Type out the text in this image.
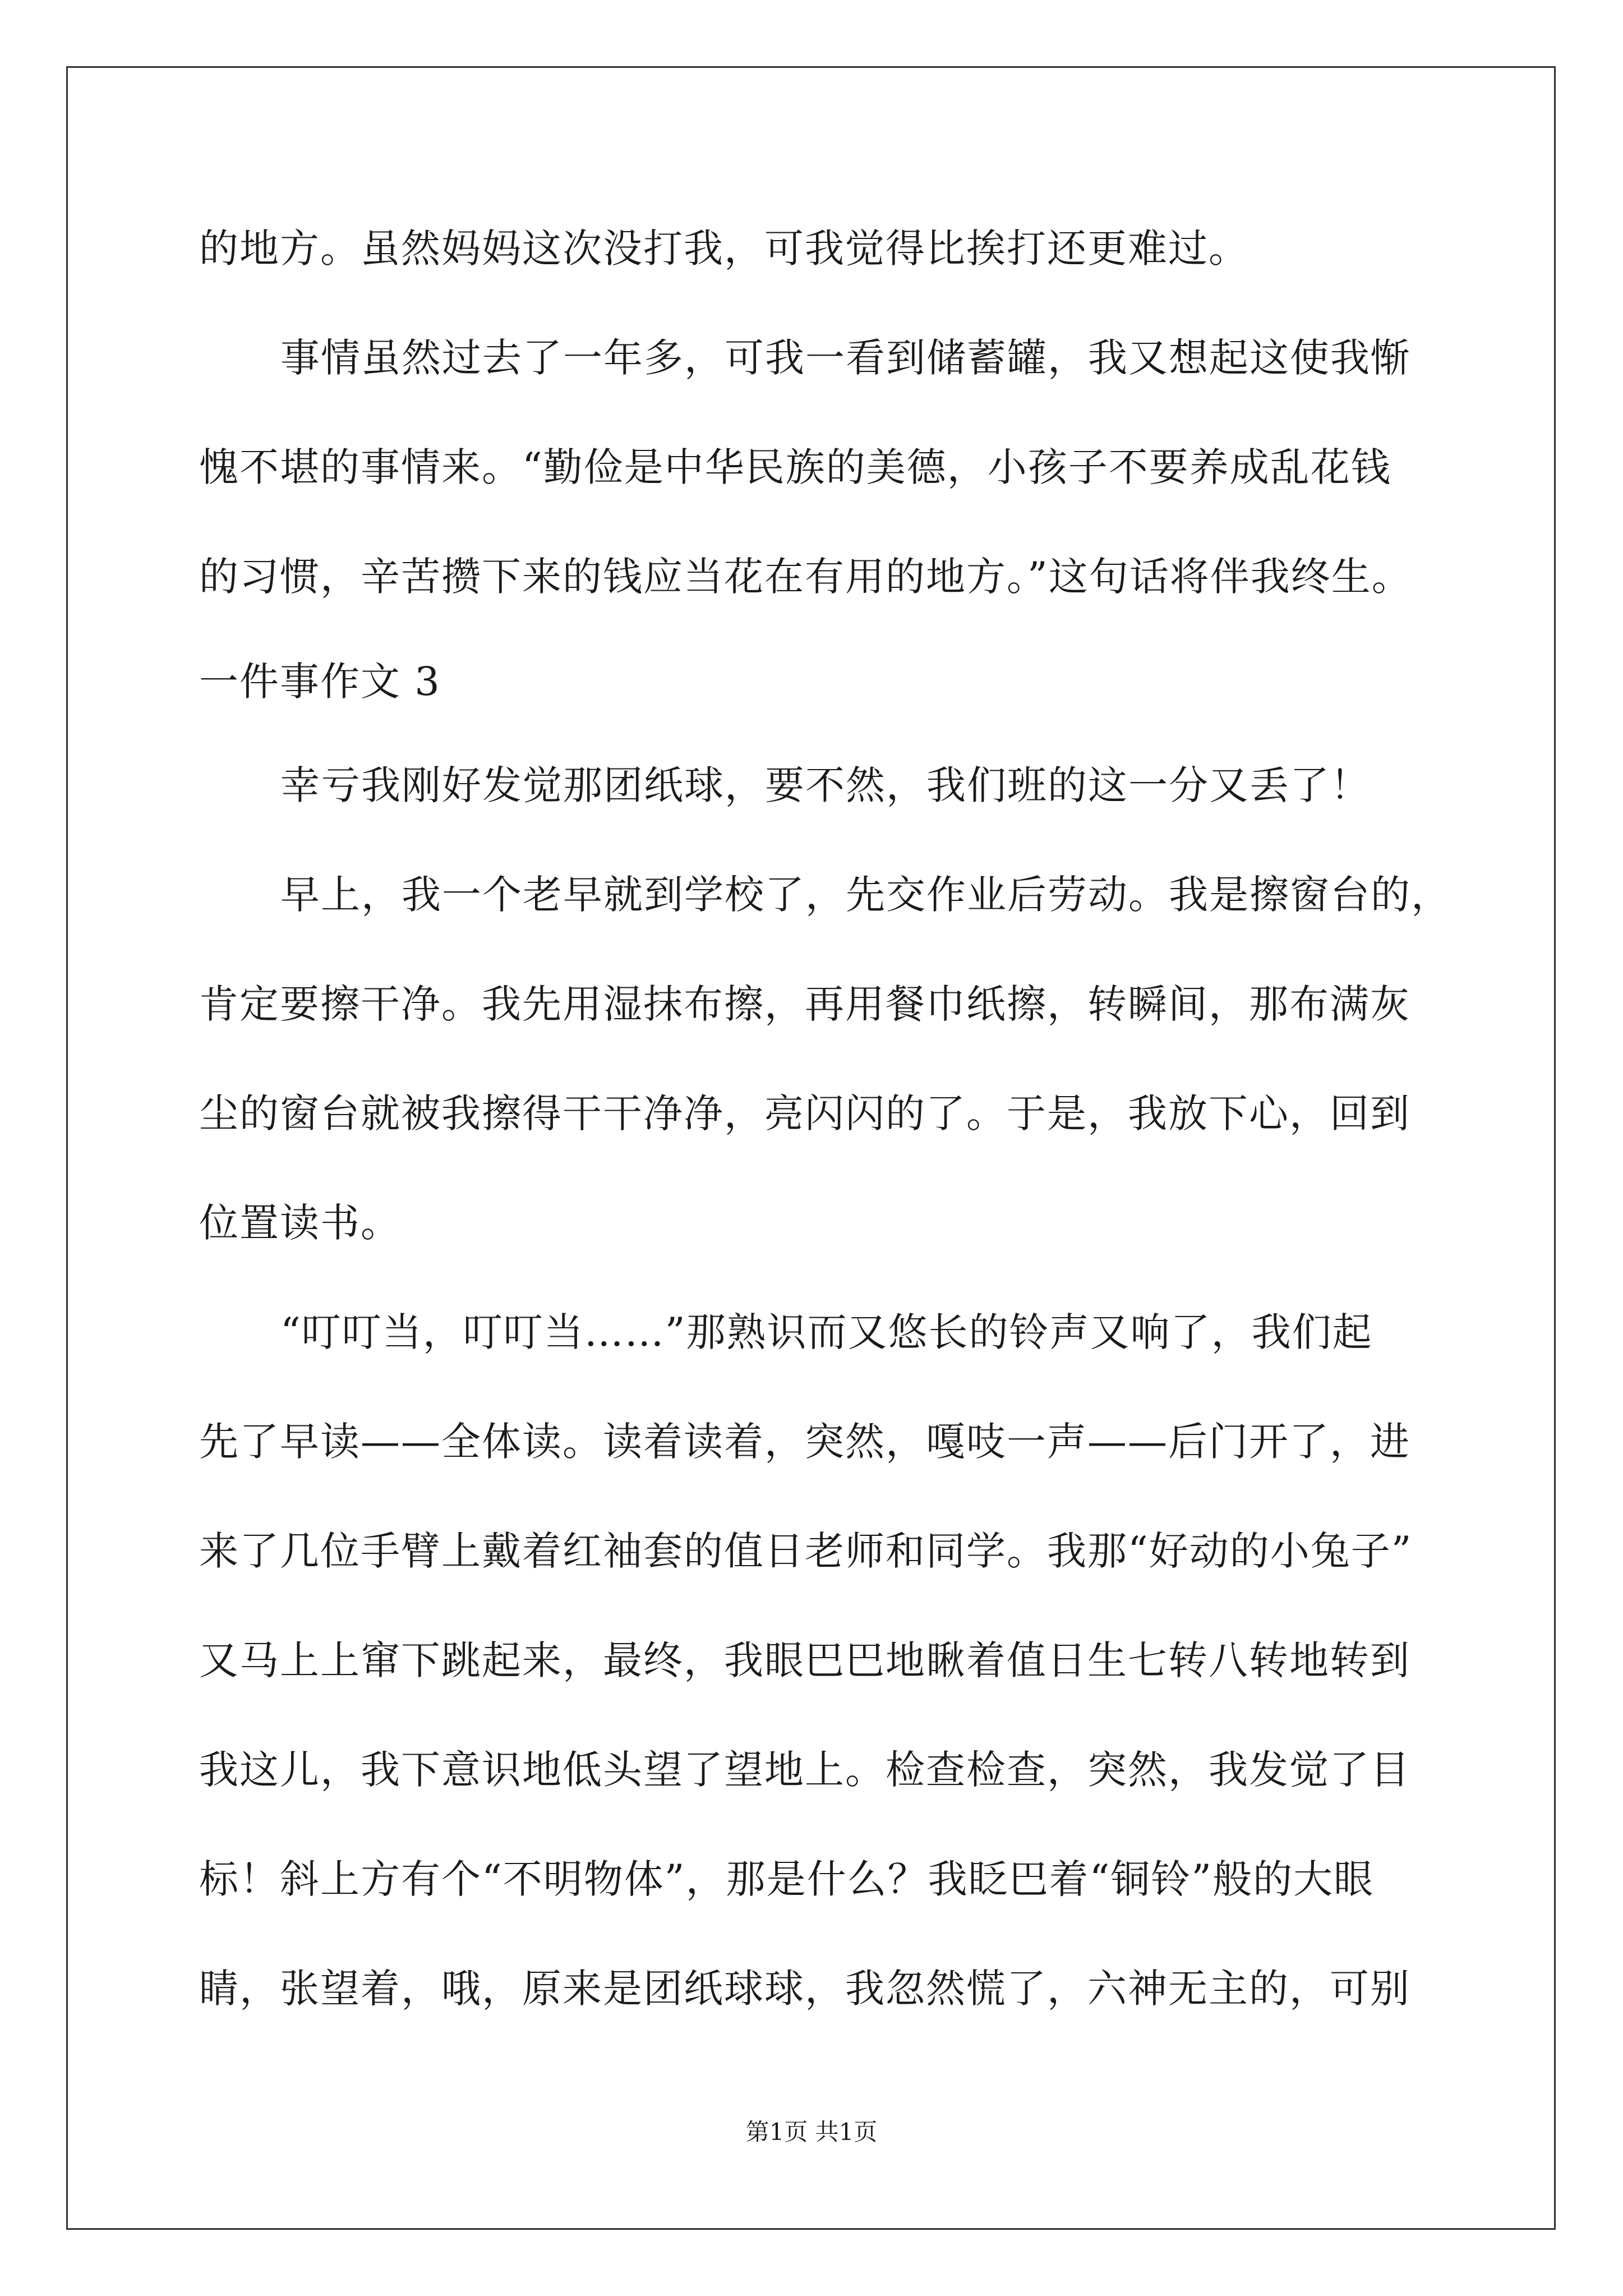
的地方。虽然妈妈这次没打我，可我觉得比挨打还更难过。
事情虽然过去了一年多，可我一看到储蓄罐，我又想起这使我惭
愧不堪的事情来。“勤俭是中华民族的美德，小孩子不要养成乱花钱
的习惯，辛苦攒下来的钱应当花在有用的地方。”这句话将伴我终生。
一件事作文 3
幸亏我刚好发觉那团纸球，要不然，我们班的这一分又丢了！
早上，我一个老早就到学校了，先交作业后劳动。我是擦窗台的，
肯定要擦干净。我先用湿抹布擦，再用餐巾纸擦，转瞬间，那布满灰
尘的窗台就被我擦得干干净净，亮闪闪的了。于是，我放下心，回到
位置读书。
“叮叮当，叮叮当……”那熟识而又悠长的铃声又响了，我们起
先了早读——全体读。读着读着，突然，嘎吱一声——后门开了，进
来了几位手臂上戴着红袖套的值日老师和同学。我那“好动的小兔子”
又马上上窜下跳起来，最终，我眼巴巴地瞅着值日生七转八转地转到
我这儿，我下意识地低头望了望地上。检查检查，突然，我发觉了目
标！斜上方有个“不明物体”，那是什么？我眨巴着“铜铃”般的大眼
睛，张望着，哦，原来是团纸球球，我忽然慌了，六神无主的，可别
第1页 共1页
